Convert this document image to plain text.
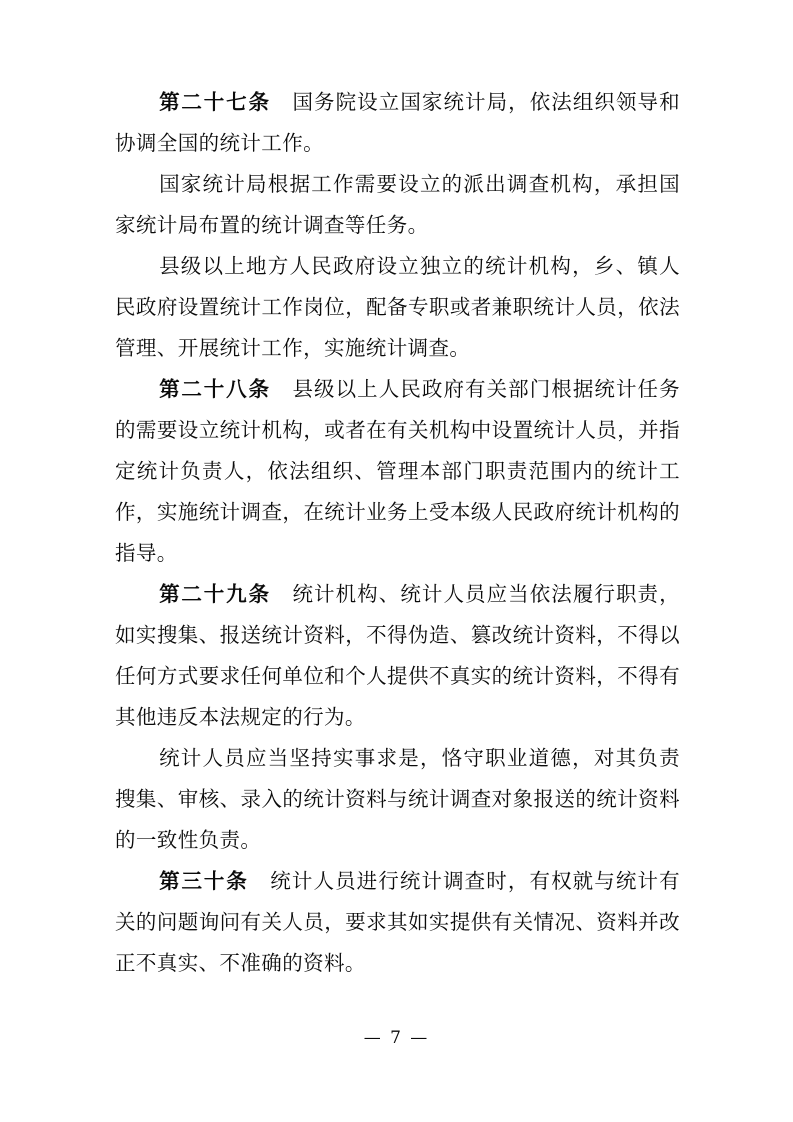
第二十七条　 国务院设立国家统计局，依法组织领导和协调全国的统计工作。

国家统计局根据工作需要设立的派出调查机构，承担国家统计局布置的统计调查等任务。

县级以上地方人民政府设立独立的统计机构，乡、镇人民政府设置统计工作岗位，配备专职或者兼职统计人员，依法管理、开展统计工作，实施统计调查。

第二十八条　 县级以上人民政府有关部门根据统计任务的需要设立统计机构，或者在有关机构中设置统计人员，并指定统计负责人，依法组织、管理本部门职责范围内的统计工作，实施统计调查，在统计业务上受本级人民政府统计机构的指导。

第二十九条　 统计机构、统计人员应当依法履行职责，如实搜集、报送统计资料，不得伪造、篡改统计资料，不得以任何方式要求任何单位和个人提供不真实的统计资料，不得有其他违反本法规定的行为。

统计人员应当坚持实事求是，恪守职业道德，对其负责搜集、审核、录入的统计资料与统计调查对象报送的统计资料的一致性负责。

第三十条　 统计人员进行统计调查时，有权就与统计有关的问题询问有关人员，要求其如实提供有关情况、资料并改正不真实、不准确的资料。

— 7 —
